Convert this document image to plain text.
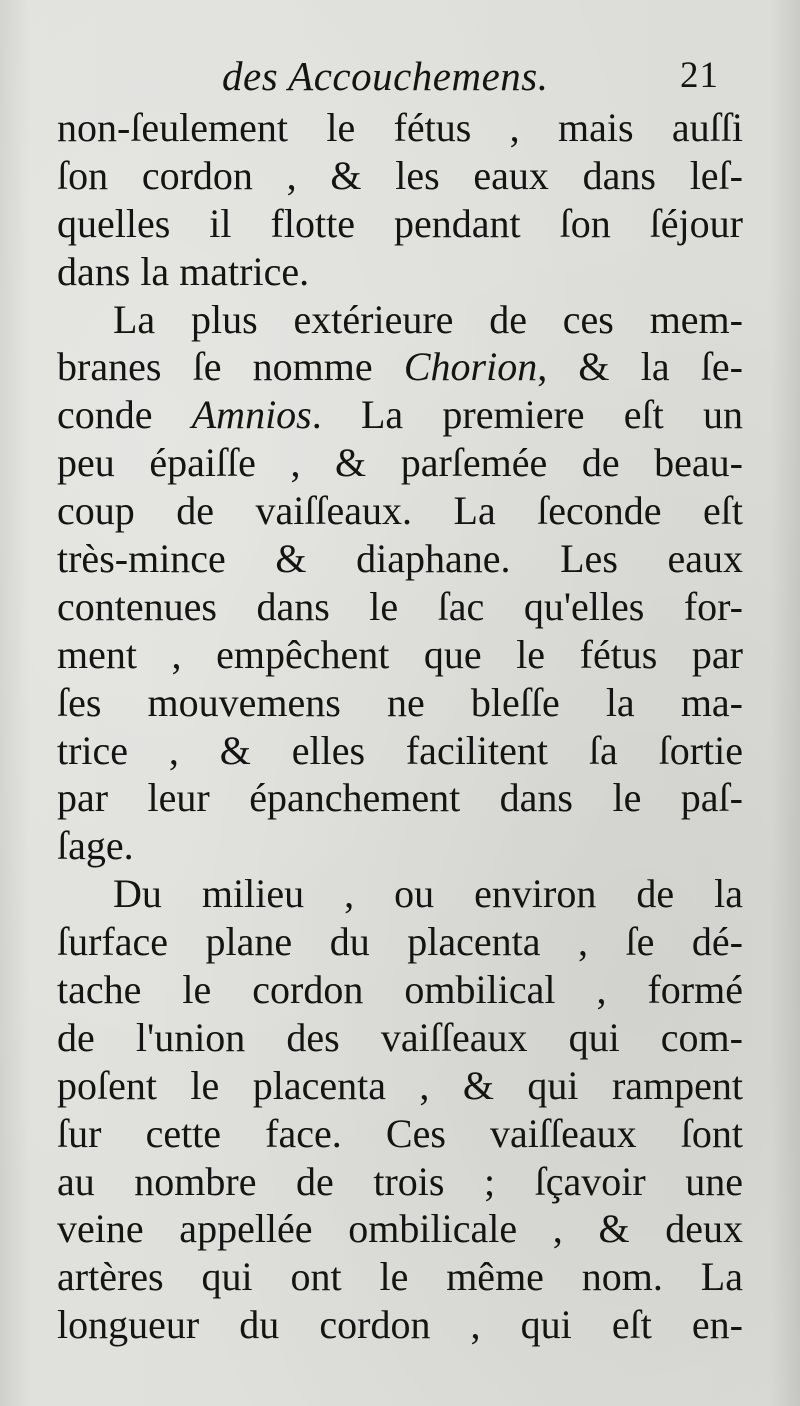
des Accouchemens.	21
non-ſeulement le fétus , mais auſſi
ſon cordon , & les eaux dans leſ-
quelles il flotte pendant ſon ſéjour
dans la matrice.
La plus extérieure de ces mem-
branes ſe nomme Chorion, & la ſe-
conde Amnios. La premiere eſt un
peu épaiſſe , & parſemée de beau-
coup de vaiſſeaux. La ſeconde eſt
très-mince & diaphane. Les eaux
contenues dans le ſac qu'elles for-
ment , empêchent que le fétus par
ſes mouvemens ne bleſſe la ma-
trice , & elles facilitent ſa ſortie
par leur épanchement dans le paſ-
ſage.
Du milieu , ou environ de la
ſurface plane du placenta , ſe dé-
tache le cordon ombilical , formé
de l'union des vaiſſeaux qui com-
poſent le placenta , & qui rampent
ſur cette face. Ces vaiſſeaux ſont
au nombre de trois ; ſçavoir une
veine appellée ombilicale , & deux
artères qui ont le même nom. La
longueur du cordon , qui eſt en-
